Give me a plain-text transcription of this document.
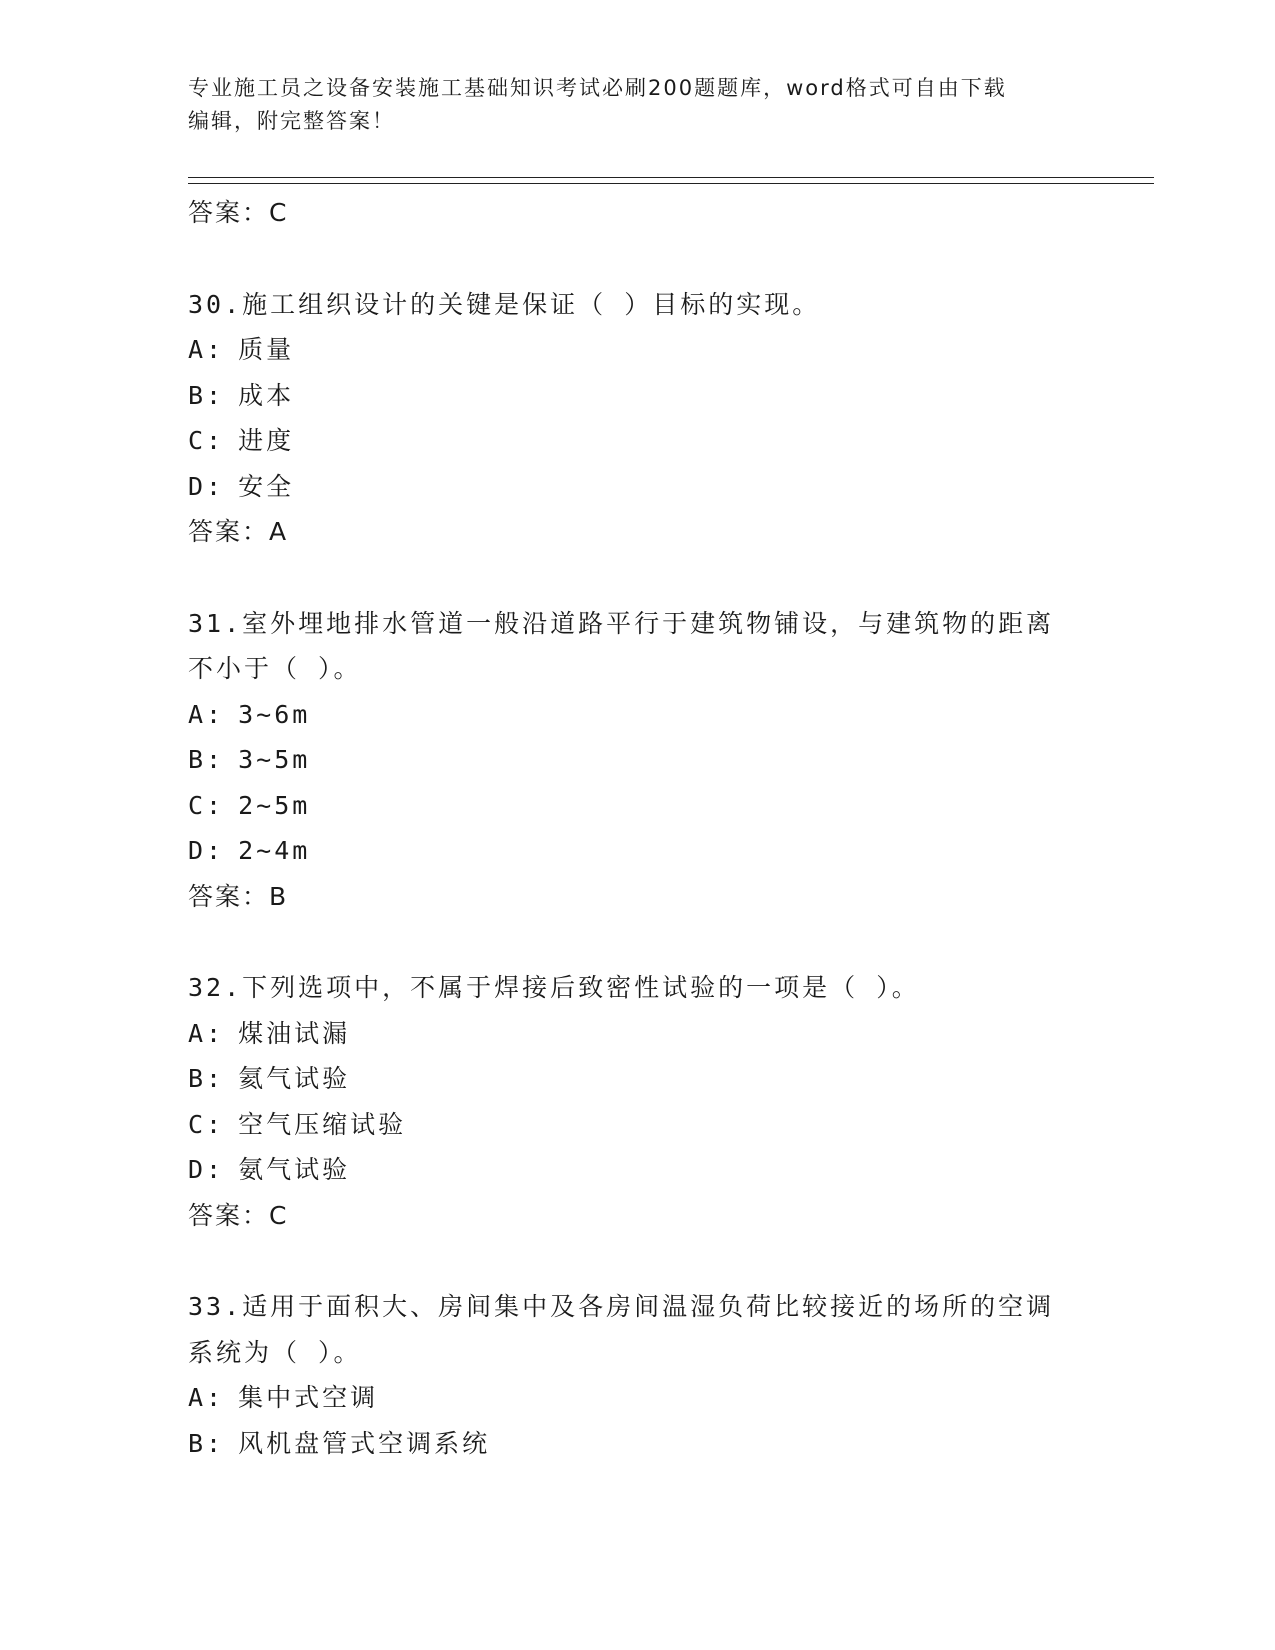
专业施工员之设备安装施工基础知识考试必刷200题题库，word格式可自由下载
编辑，附完整答案！
答案：C
30.施工组织设计的关键是保证（ ）目标的实现。
A: 质量
B: 成本
C: 进度
D: 安全
答案：A
31.室外埋地排水管道一般沿道路平行于建筑物铺设，与建筑物的距离
不小于（ ）。
A: 3~6m
B: 3~5m
C: 2~5m
D: 2~4m
答案：B
32.下列选项中，不属于焊接后致密性试验的一项是（ ）。
A: 煤油试漏
B: 氦气试验
C: 空气压缩试验
D: 氨气试验
答案：C
33.适用于面积大、房间集中及各房间温湿负荷比较接近的场所的空调
系统为（ ）。
A: 集中式空调
B: 风机盘管式空调系统
